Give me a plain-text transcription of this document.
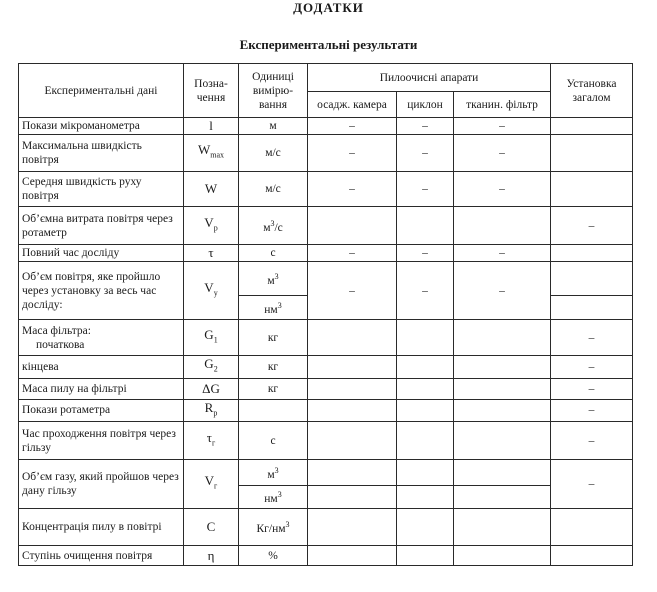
ДОДАТКИ
Експериментальні результати
Експериментальні дані	Позна-чення	Одиниці вимірю-вання	Пилоочисні апарати			Установка загалом
			осадж. камера	циклон	тканин. фільтр	
Покази мікроманометра	l	м	–	–	–	
Максимальна швидкість повітря	$W_{max}$	м/с	–	–	–	
Середня швидкість руху повітря	W	м/с	–	–	–	
Об’ємна витрата повітря через ротаметр	$V_р$	$м^3/с$				–
Повний час досліду	τ	с	–	–	–	
Об’єм повітря, яке пройшло через установку за весь час досліду:	$V_у$	$м^3$	–	–	–	
		$нм^3$	

Маса фільтра:
початкова	$G_1$	кг				–
кінцева	$G_2$	кг				–
Маса пилу на фільтрі	ΔG	кг				–
Покази ротаметра	$R_р$					–
Час проходження повітря через гільзу	$\tau_г$	с				–
Об’єм газу, який пройшов через дану гільзу	$V_г$	$м^3$				–
		$нм^3$			
Концентрація пилу в повітрі	C	$Кг/нм^3$				
Ступінь очищення повітря	η	%				
